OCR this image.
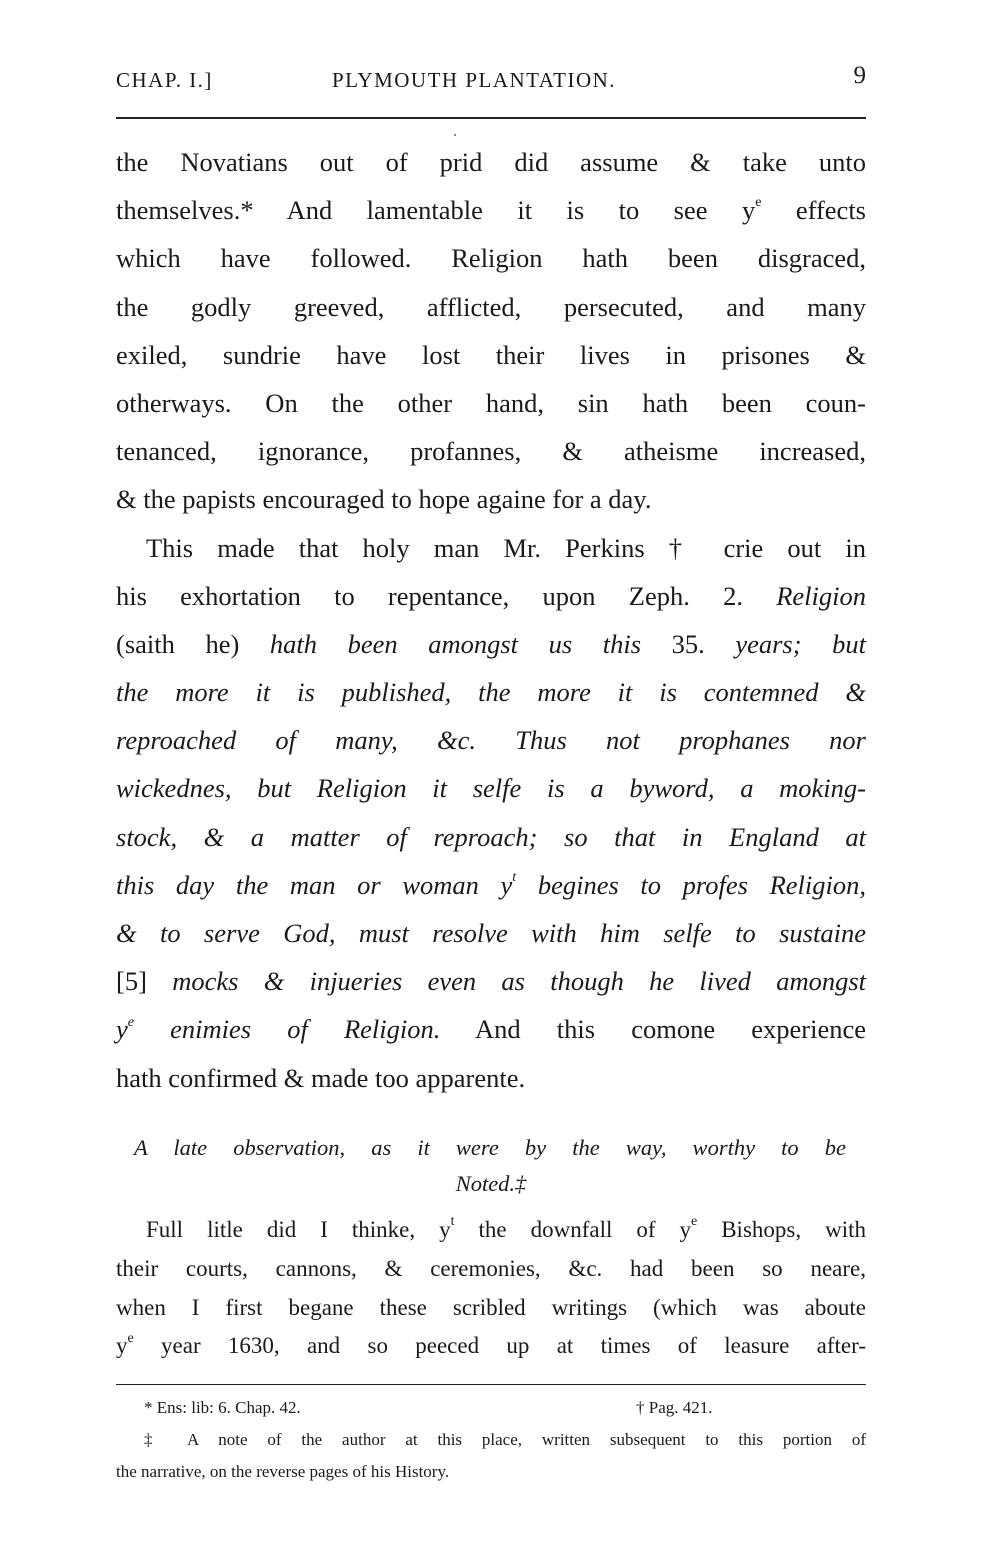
CHAP. I.]	PLYMOUTH PLANTATION.	9
the Novatians out of prid did assume & take unto
themselves.* And lamentable it is to see $y^e$ effects
which have followed. Religion hath been disgraced,
the godly greeved, afflicted, persecuted, and many
exiled, sundrie have lost their lives in prisones &
otherways. On the other hand, sin hath been coun-
tenanced, ignorance, profannes, & atheisme increased,
& the papists encouraged to hope againe for a day.
This made that holy man Mr. Perkins † crie out in
his exhortation to repentance, upon Zeph. 2. Religion
(saith he) hath been amongst us this 35. years; but
the more it is published, the more it is contemned &
reproached of many, &c. Thus not prophanes nor
wickednes, but Religion it selfe is a byword, a moking-
stock, & a matter of reproach; so that in England at
this day the man or woman $y^t$ begines to profes Religion,
& to serve God, must resolve with him selfe to sustaine
[5] mocks & injueries even as though he lived amongst
$y^e$ enimies of Religion. And this comone experience
hath confirmed & made too apparente.
A late observation, as it were by the way, worthy to be
Noted.‡
Full litle did I thinke, $y^t$ the downfall of $y^e$ Bishops, with
their courts, cannons, & ceremonies, &c. had been so neare,
when I first begane these scribled writings (which was aboute
$y^e$ year 1630, and so peeced up at times of leasure after-
* Ens: lib: 6. Chap. 42.	† Pag. 421.
‡ A note of the author at this place, written subsequent to this portion of
the narrative, on the reverse pages of his History.
